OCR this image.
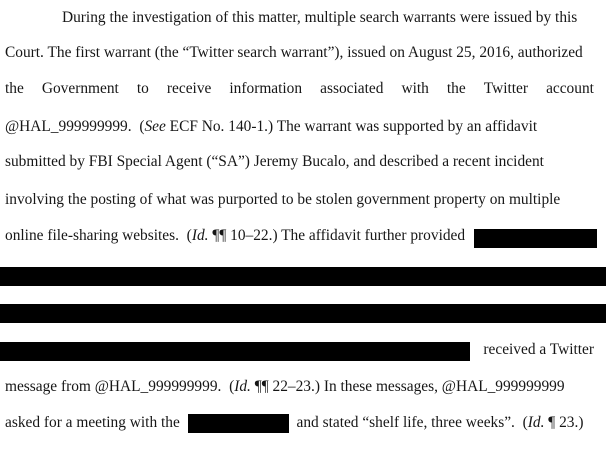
During the investigation of this matter, multiple search warrants were issued by this
Court. The first warrant (the “Twitter search warrant”), issued on August 25, 2016, authorized
the Government to receive information associated with the Twitter account
@HAL_999999999.  (See ECF No. 140-1.) The warrant was supported by an affidavit
submitted by FBI Special Agent (“SA”) Jeremy Bucalo, and described a recent incident
involving the posting of what was purported to be stolen government property on multiple
online file-sharing websites.  (Id. ¶¶ 10–22.) The affidavit further provided
received a Twitter
message from @HAL_999999999.  (Id. ¶¶ 22–23.) In these messages, @HAL_999999999
asked for a meeting with the	and stated “shelf life, three weeks”.  (Id. ¶ 23.)
